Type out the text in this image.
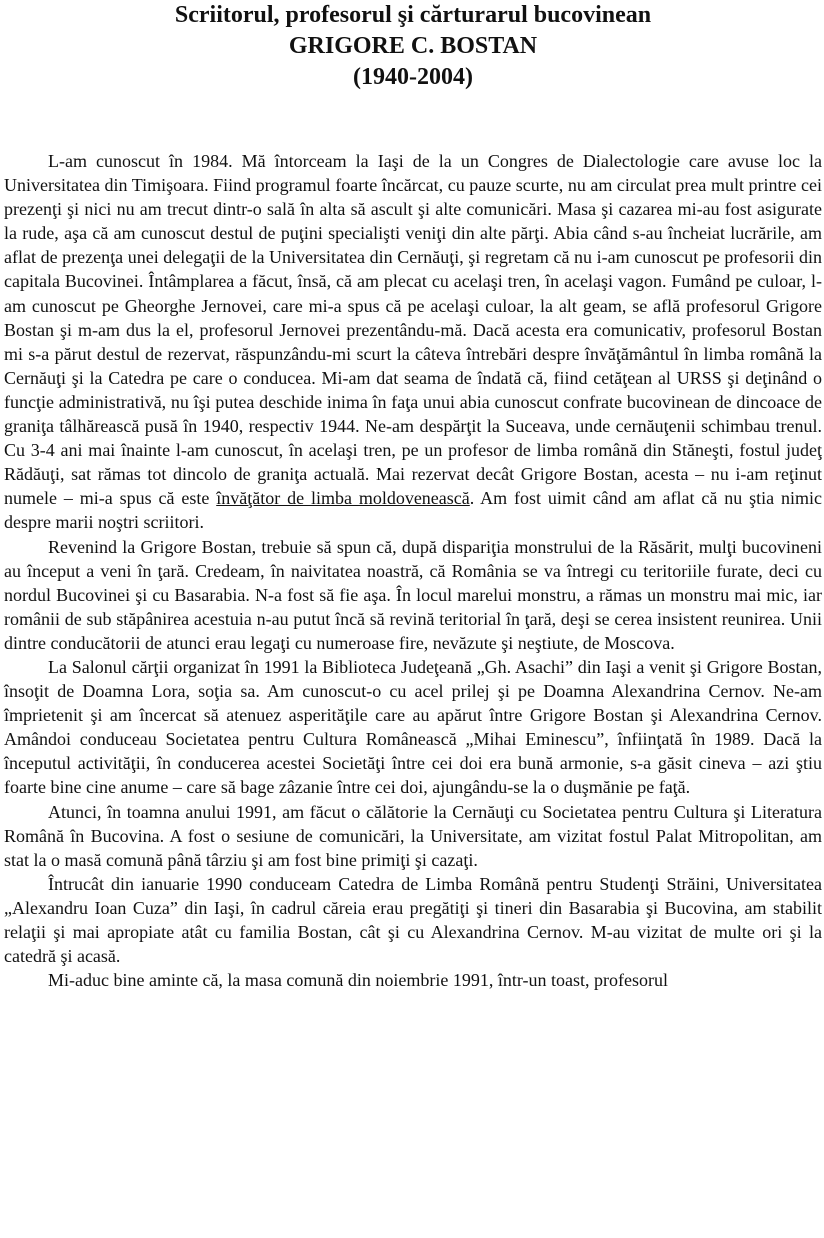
Scriitorul, profesorul şi cărturarul bucovinean
GRIGORE C. BOSTAN
(1940-2004)

L-am cunoscut în 1984. Mă întorceam la Iaşi de la un Congres de Dialectologie care avuse loc la Universitatea din Timişoara. Fiind programul foarte încărcat, cu pauze scurte, nu am circulat prea mult printre cei prezenţi şi nici nu am trecut dintr-o sală în alta să ascult şi alte comunicări. Masa şi cazarea mi-au fost asigurate la rude, aşa că am cunoscut destul de puţini specialişti veniţi din alte părţi. Abia când s-au încheiat lucrările, am aflat de prezenţa unei delegaţii de la Universitatea din Cernăuţi, şi regretam că nu i-am cunoscut pe profesorii din capitala Bucovinei. Întâmplarea a făcut, însă, că am plecat cu acelaşi tren, în acelaşi vagon. Fumând pe culoar, l-am cunoscut pe Gheorghe Jernovei, care mi-a spus că pe acelaşi culoar, la alt geam, se află profesorul Grigore Bostan şi m-am dus la el, profesorul Jernovei prezentându-mă. Dacă acesta era comunicativ, profesorul Bostan mi s-a părut destul de rezervat, răspunzându-mi scurt la câteva întrebări despre învăţământul în limba română la Cernăuţi şi la Catedra pe care o conducea. Mi-am dat seama de îndată că, fiind cetăţean al URSS şi deţinând o funcţie administrativă, nu îşi putea deschide inima în faţa unui abia cunoscut confrate bucovinean de dincoace de graniţa tâlhărească pusă în 1940, respectiv 1944. Ne-am despărţit la Suceava, unde cernăuţenii schimbau trenul. Cu 3-4 ani mai înainte l-am cunoscut, în acelaşi tren, pe un profesor de limba română din Stăneşti, fostul judeţ Rădăuţi, sat rămas tot dincolo de graniţa actuală. Mai rezervat decât Grigore Bostan, acesta – nu i-am reţinut numele – mi-a spus că este învăţător de limba moldovenească. Am fost uimit când am aflat că nu ştia nimic despre marii noştri scriitori.

Revenind la Grigore Bostan, trebuie să spun că, după dispariţia monstrului de la Răsărit, mulţi bucovineni au început a veni în ţară. Credeam, în naivitatea noastră, că România se va întregi cu teritoriile furate, deci cu nordul Bucovinei şi cu Basarabia. N-a fost să fie aşa. În locul marelui monstru, a rămas un monstru mai mic, iar românii de sub stăpânirea acestuia n-au putut încă să revină teritorial în ţară, deşi se cerea insistent reunirea. Unii dintre conducătorii de atunci erau legaţi cu numeroase fire, nevăzute şi neştiute, de Moscova.

La Salonul cărţii organizat în 1991 la Biblioteca Judeţeană „Gh. Asachi” din Iaşi a venit şi Grigore Bostan, însoţit de Doamna Lora, soţia sa. Am cunoscut-o cu acel prilej şi pe Doamna Alexandrina Cernov. Ne-am împrietenit şi am încercat să atenuez asperităţile care au apărut între Grigore Bostan şi Alexandrina Cernov. Amândoi conduceau Societatea pentru Cultura Românească „Mihai Eminescu”, înfiinţată în 1989. Dacă la începutul activităţii, în conducerea acestei Societăţi între cei doi era bună armonie, s-a găsit cineva – azi ştiu foarte bine cine anume – care să bage zâzanie între cei doi, ajungându-se la o duşmănie pe faţă.

Atunci, în toamna anului 1991, am făcut o călătorie la Cernăuţi cu Societatea pentru Cultura şi Literatura Română în Bucovina. A fost o sesiune de comunicări, la Universitate, am vizitat fostul Palat Mitropolitan, am stat la o masă comună până târziu şi am fost bine primiţi şi cazaţi.

Întrucât din ianuarie 1990 conduceam Catedra de Limba Română pentru Studenţi Străini, Universitatea „Alexandru Ioan Cuza” din Iaşi, în cadrul căreia erau pregătiţi şi tineri din Basarabia şi Bucovina, am stabilit relaţii şi mai apropiate atât cu familia Bostan, cât şi cu Alexandrina Cernov. M-au vizitat de multe ori şi la catedră şi acasă.

Mi-aduc bine aminte că, la masa comună din noiembrie 1991, într-un toast, profesorul
